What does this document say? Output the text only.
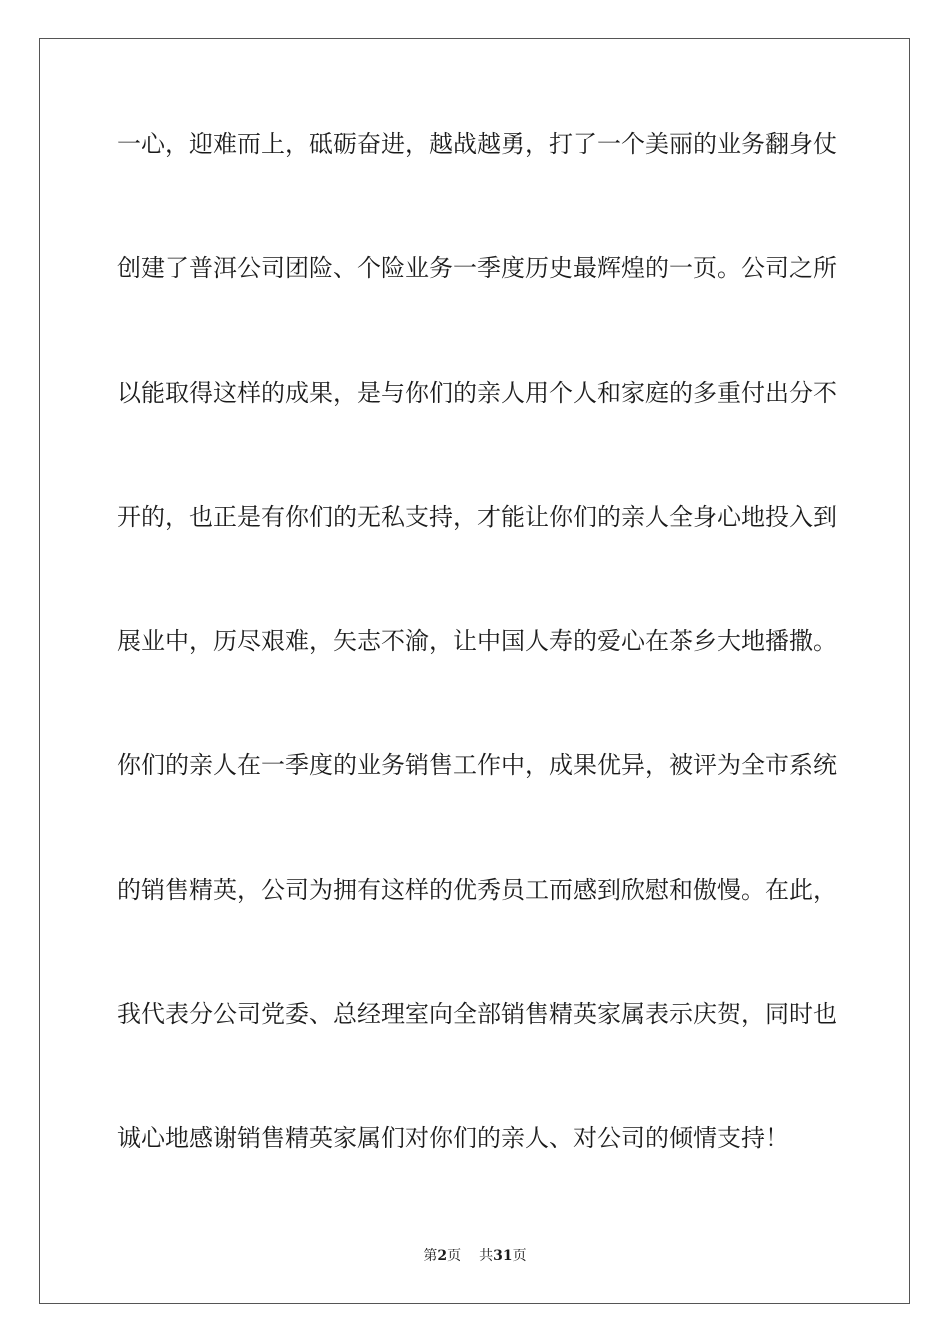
一心，迎难而上，砥砺奋进，越战越勇，打了一个美丽的业务翻身仗
创建了普洱公司团险、个险业务一季度历史最辉煌的一页。公司之所
以能取得这样的成果，是与你们的亲人用个人和家庭的多重付出分不
开的，也正是有你们的无私支持，才能让你们的亲人全身心地投入到
展业中，历尽艰难，矢志不渝，让中国人寿的爱心在茶乡大地播撒。
你们的亲人在一季度的业务销售工作中，成果优异，被评为全市系统
的销售精英，公司为拥有这样的优秀员工而感到欣慰和傲慢。在此，
我代表分公司党委、总经理室向全部销售精英家属表示庆贺，同时也
诚心地感谢销售精英家属们对你们的亲人、对公司的倾情支持！
第2页 共31页
